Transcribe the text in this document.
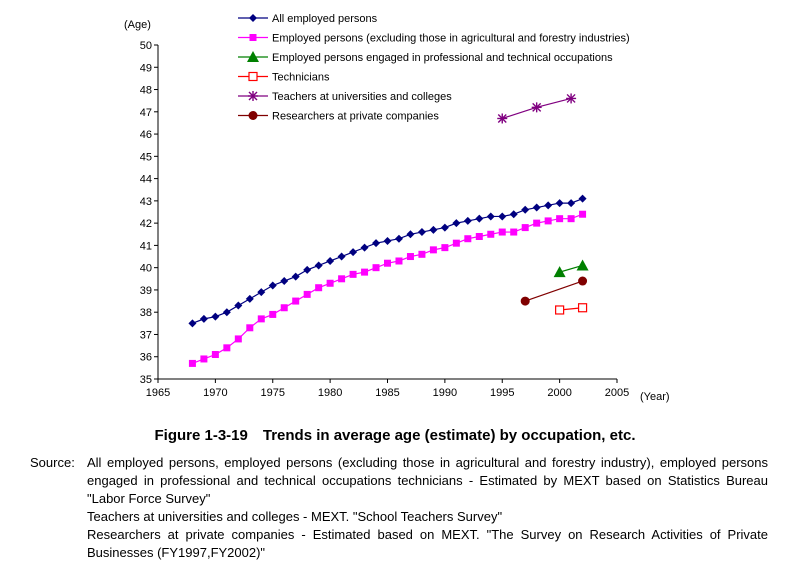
35
36
37
38
39
40
41
42
43
44
45
46
47
48
49
50
1965	1970	1975	1980	1985	1990	1995	2000	2005
(Age)
(Year)
All employed persons
Employed persons (excluding those in agricultural and forestry industries)
Employed persons engaged in professional and technical occupations
Technicians
Teachers at universities and colleges
Researchers at private companies
Figure 1-3-19　Trends in average age (estimate) by occupation, etc.
Source: All employed persons, employed persons (excluding those in agricultural and forestry industry), employed persons engaged in professional and technical occupations technicians - Estimated by MEXT based on Statistics Bureau "Labor Force Survey"
Teachers at universities and colleges - MEXT. "School Teachers Survey"
Researchers at private companies - Estimated based on MEXT. "The Survey on Research Activities of Private Businesses (FY1997,FY2002)"
